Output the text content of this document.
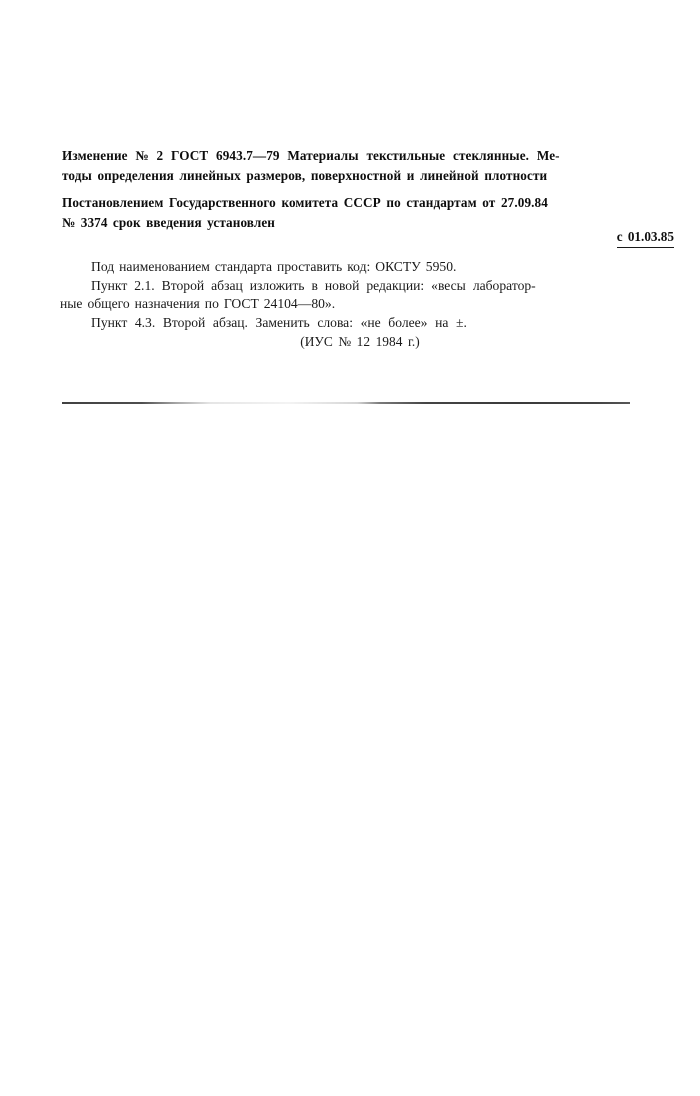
Изменение № 2 ГОСТ 6943.7—79 Материалы текстильные стеклянные. Ме-
тоды определения линейных размеров, поверхностной и линейной плотности
Постановлением Государственного комитета СССР по стандартам от 27.09.84
№ 3374 срок введения установлен
с 01.03.85
Под наименованием стандарта проставить код: ОКСТУ 5950.
Пункт 2.1. Второй абзац изложить в новой редакции: «весы лаборатор-
ные общего назначения по ГОСТ 24104—80».
Пункт 4.3. Второй абзац. Заменить слова: «не более» на ±.
(ИУС № 12 1984 г.)
